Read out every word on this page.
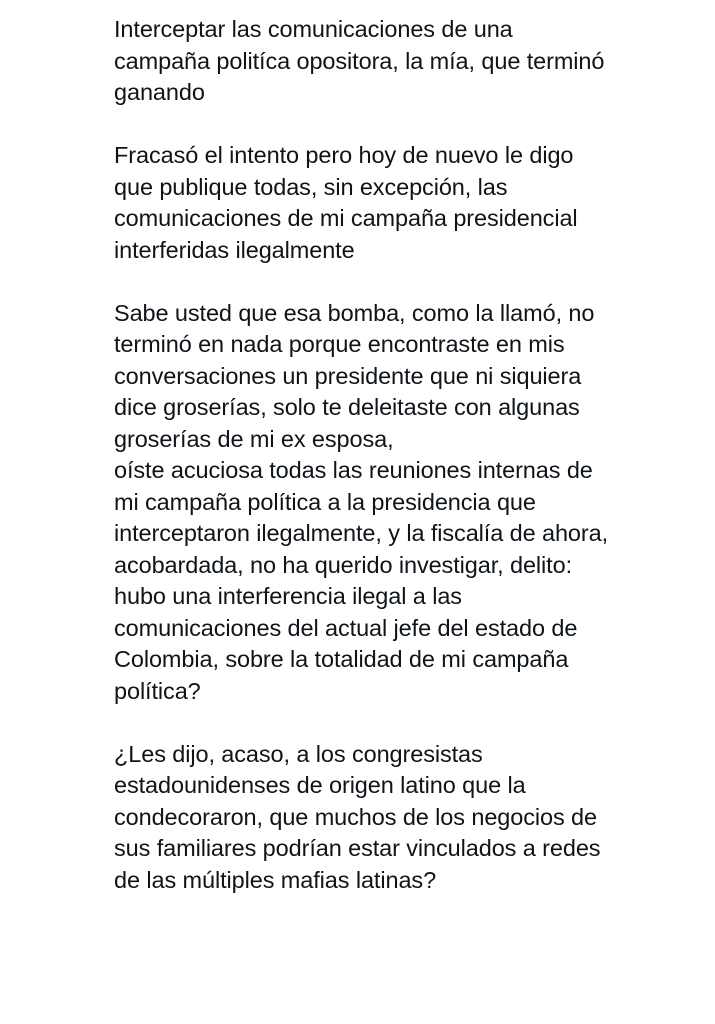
Interceptar las comunicaciones de una
campaña politíca opositora, la mía, que terminó
ganando

Fracasó el intento pero hoy de nuevo le digo
que publique todas, sin excepción, las
comunicaciones de mi campaña presidencial
interferidas ilegalmente

Sabe usted que esa bomba, como la llamó, no
terminó en nada porque encontraste en mis
conversaciones un presidente que ni siquiera
dice groserías, solo te deleitaste con algunas
groserías de mi ex esposa,
oíste acuciosa todas las reuniones internas de
mi campaña política a la presidencia que
interceptaron ilegalmente, y la fiscalía de ahora,
acobardada, no ha querido investigar, delito:
hubo una interferencia ilegal a las
comunicaciones del actual jefe del estado de
Colombia, sobre la totalidad de mi campaña
política?

¿Les dijo, acaso, a los congresistas
estadounidenses de origen latino que la
condecoraron, que muchos de los negocios de
sus familiares podrían estar vinculados a redes
de las múltiples mafias latinas?
